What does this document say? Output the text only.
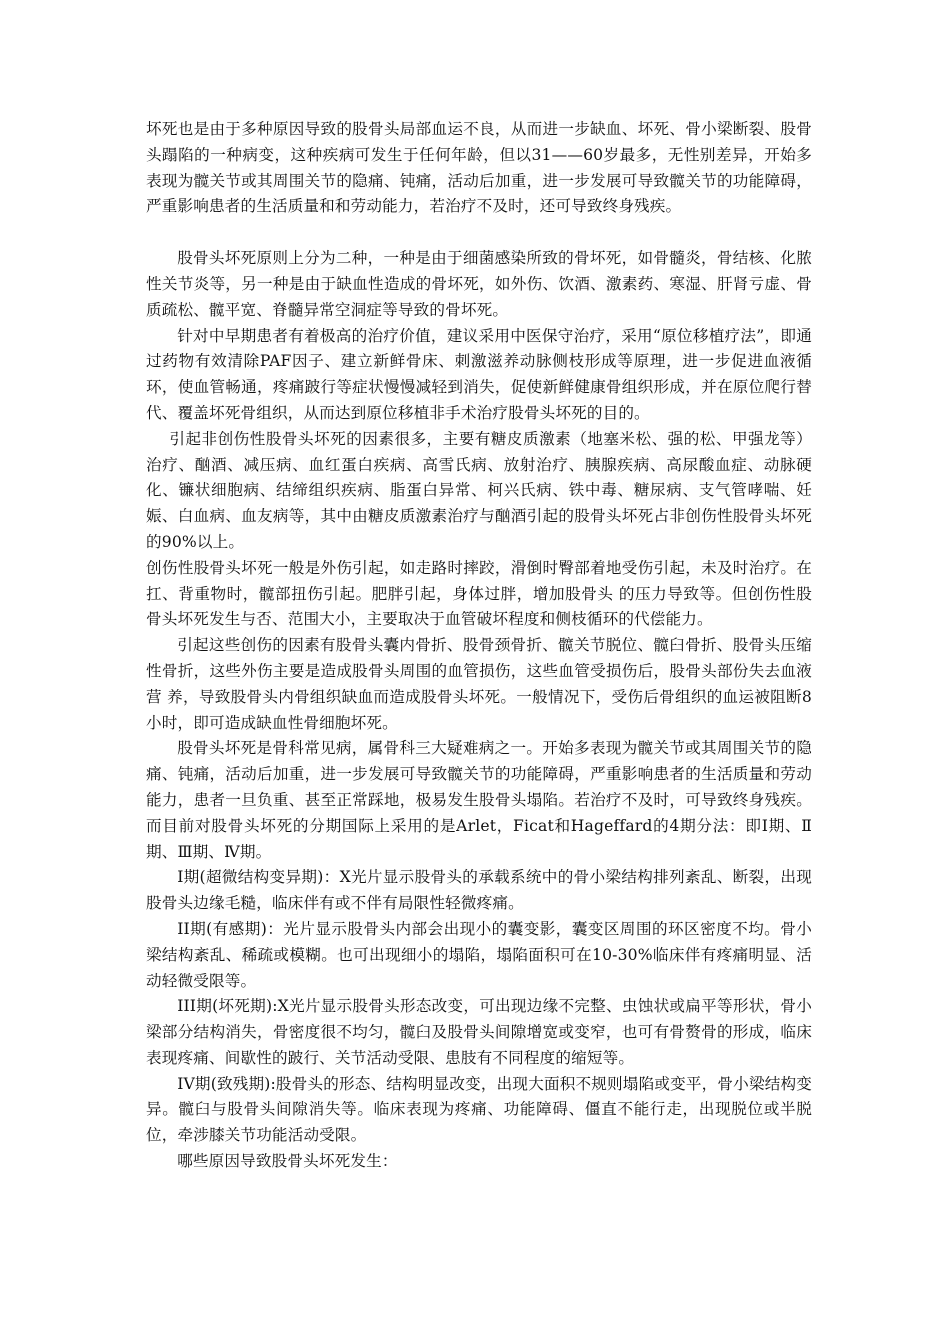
坏死也是由于多种原因导致的股骨头局部血运不良，从而进一步缺血、坏死、骨小梁断裂、股骨头蹋陷的一种病变，这种疾病可发生于任何年龄，但以31——60岁最多，无性别差异，开始多表现为髋关节或其周围关节的隐痛、钝痛，活动后加重，进一步发展可导致髋关节的功能障碍，严重影响患者的生活质量和和劳动能力，若治疗不及时，还可导致终身残疾。

股骨头坏死原则上分为二种，一种是由于细菌感染所致的骨坏死，如骨髓炎，骨结核、化脓性关节炎等，另一种是由于缺血性造成的骨坏死，如外伤、饮酒、激素药、寒湿、肝肾亏虚、骨质疏松、髋平宽、脊髓异常空洞症等导致的骨坏死。

针对中早期患者有着极高的治疗价值，建议采用中医保守治疗，采用“原位移植疗法”，即通过药物有效清除PAF因子、建立新鲜骨床、刺激滋养动脉侧枝形成等原理，进一步促进血液循环，使血管畅通，疼痛跛行等症状慢慢减轻到消失，促使新鲜健康骨组织形成，并在原位爬行替代、覆盖坏死骨组织，从而达到原位移植非手术治疗股骨头坏死的目的。

引起非创伤性股骨头坏死的因素很多，主要有糖皮质激素（地塞米松、强的松、甲强龙等）治疗、酗酒、减压病、血红蛋白疾病、高雪氏病、放射治疗、胰腺疾病、高尿酸血症、动脉硬化、镰状细胞病、结缔组织疾病、脂蛋白异常、柯兴氏病、铁中毒、糖尿病、支气管哮喘、妊娠、白血病、血友病等，其中由糖皮质激素治疗与酗酒引起的股骨头坏死占非创伤性股骨头坏死的90%以上。

创伤性股骨头坏死一般是外伤引起，如走路时摔跤，滑倒时臀部着地受伤引起，未及时治疗。在扛、背重物时，髋部扭伤引起。肥胖引起，身体过胖，增加股骨头 的压力导致等。但创伤性股骨头坏死发生与否、范围大小，主要取决于血管破坏程度和侧枝循环的代偿能力。

引起这些创伤的因素有股骨头囊内骨折、股骨颈骨折、髋关节脱位、髋臼骨折、股骨头压缩性骨折，这些外伤主要是造成股骨头周围的血管损伤，这些血管受损伤后，股骨头部份失去血液营 养，导致股骨头内骨组织缺血而造成股骨头坏死。一般情况下，受伤后骨组织的血运被阻断8小时，即可造成缺血性骨细胞坏死。

股骨头坏死是骨科常见病，属骨科三大疑难病之一。开始多表现为髋关节或其周围关节的隐痛、钝痛，活动后加重，进一步发展可导致髋关节的功能障碍，严重影响患者的生活质量和劳动能力，患者一旦负重、甚至正常踩地，极易发生股骨头塌陷。若治疗不及时，可导致终身残疾。而目前对股骨头坏死的分期国际上采用的是Arlet，Ficat和Hageffard的4期分法：即Ⅰ期、Ⅱ期、Ⅲ期、Ⅳ期。

I期(超微结构变异期)：X光片显示股骨头的承载系统中的骨小梁结构排列紊乱、断裂，出现股骨头边缘毛糙，临床伴有或不伴有局限性轻微疼痛。

II期(有感期)：光片显示股骨头内部会出现小的囊变影，囊变区周围的环区密度不均。骨小梁结构紊乱、稀疏或模糊。也可出现细小的塌陷，塌陷面积可在10-30%临床伴有疼痛明显、活动轻微受限等。

III期(坏死期):X光片显示股骨头形态改变，可出现边缘不完整、虫蚀状或扁平等形状，骨小梁部分结构消失，骨密度很不均匀，髋臼及股骨头间隙增宽或变窄，也可有骨赘骨的形成，临床表现疼痛、间歇性的跛行、关节活动受限、患肢有不同程度的缩短等。

IV期(致残期):股骨头的形态、结构明显改变，出现大面积不规则塌陷或变平，骨小梁结构变异。髋臼与股骨头间隙消失等。临床表现为疼痛、功能障碍、僵直不能行走，出现脱位或半脱位，牵涉膝关节功能活动受限。

哪些原因导致股骨头坏死发生：
